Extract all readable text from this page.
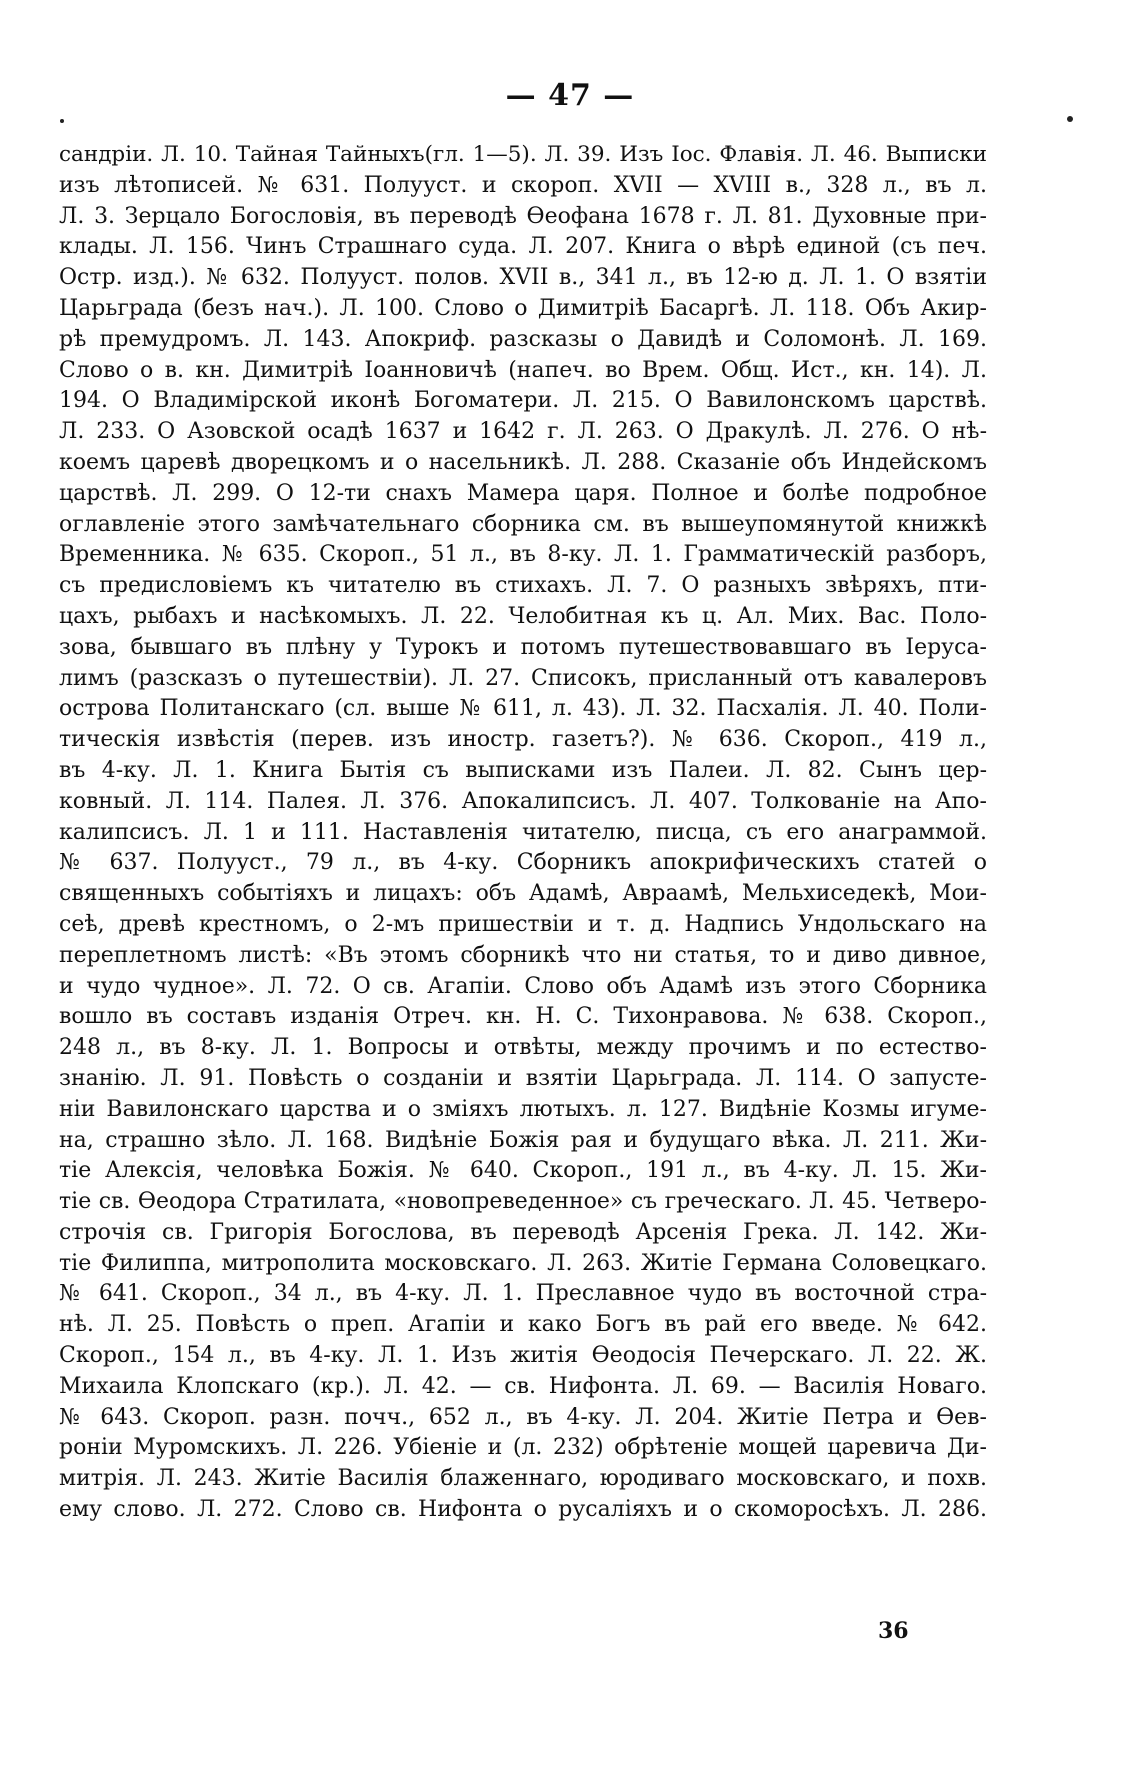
— 47 —
сандріи. Л. 10. Тайная Тайныхъ(гл. 1—5). Л. 39. Изъ Іос. Флавія. Л. 46. Выписки
изъ лѣтописей. № 631. Полууст. и скороп. XVII — XVIII в., 328 л., въ л.
Л. 3. Зерцало Богословія, въ переводѣ Ѳеофана 1678 г. Л. 81. Духовные при-
клады. Л. 156. Чинъ Страшнаго суда. Л. 207. Книга о вѣрѣ единой (съ печ.
Остр. изд.). № 632. Полууст. полов. XVII в., 341 л., въ 12-ю д. Л. 1. О взятіи
Царьграда (безъ нач.). Л. 100. Слово о Димитріѣ Басаргѣ. Л. 118. Объ Акир-
рѣ премудромъ. Л. 143. Апокриф. разсказы о Давидѣ и Соломонѣ. Л. 169.
Слово о в. кн. Димитріѣ Іоанновичѣ (напеч. во Врем. Общ. Ист., кн. 14). Л.
194. О Владимірской иконѣ Богоматери. Л. 215. О Вавилонскомъ царствѣ.
Л. 233. О Азовской осадѣ 1637 и 1642 г. Л. 263. О Дракулѣ. Л. 276. О нѣ-
коемъ царевѣ дворецкомъ и о насельникѣ. Л. 288. Сказаніе объ Индейскомъ
царствѣ. Л. 299. О 12-ти снахъ Мамера царя. Полное и болѣе подробное
оглавленіе этого замѣчательнаго сборника см. въ вышеупомянутой книжкѣ
Временника. № 635. Скороп., 51 л., въ 8-ку. Л. 1. Грамматическій разборъ,
съ предисловіемъ къ читателю въ стихахъ. Л. 7. О разныхъ звѣряхъ, пти-
цахъ, рыбахъ и насѣкомыхъ. Л. 22. Челобитная къ ц. Ал. Мих. Вас. Поло-
зова, бывшаго въ плѣну у Турокъ и потомъ путешествовавшаго въ Іеруса-
лимъ (разсказъ о путешествіи). Л. 27. Списокъ, присланный отъ кавалеровъ
острова Политанскаго (сл. выше № 611, л. 43). Л. 32. Пасхалія. Л. 40. Поли-
тическія извѣстія (перев. изъ иностр. газетъ?). № 636. Скороп., 419 л.,
въ 4-ку. Л. 1. Книга Бытія съ выписками изъ Палеи. Л. 82. Сынъ цер-
ковный. Л. 114. Палея. Л. 376. Апокалипсисъ. Л. 407. Толкованіе на Апо-
калипсисъ. Л. 1 и 111. Наставленія читателю, писца, съ его анаграммой.
№ 637. Полууст., 79 л., въ 4-ку. Сборникъ апокрифическихъ статей о
священныхъ событіяхъ и лицахъ: объ Адамѣ, Авраамѣ, Мельхиседекѣ, Мои-
сеѣ, древѣ крестномъ, о 2-мъ пришествіи и т. д. Надпись Ундольскаго на
переплетномъ листѣ: «Въ этомъ сборникѣ что ни статья, то и диво дивное,
и чудо чудное». Л. 72. О св. Агапіи. Слово объ Адамѣ изъ этого Сборника
вошло въ составъ изданія Отреч. кн. Н. С. Тихонравова. № 638. Скороп.,
248 л., въ 8-ку. Л. 1. Вопросы и отвѣты, между прочимъ и по естество-
знанію. Л. 91. Повѣсть о созданіи и взятіи Царьграда. Л. 114. О запусте-
ніи Вавилонскаго царства и о зміяхъ лютыхъ. л. 127. Видѣніе Козмы игуме-
на, страшно зѣло. Л. 168. Видѣніе Божія рая и будущаго вѣка. Л. 211. Жи-
тіе Алексія, человѣка Божія. № 640. Скороп., 191 л., въ 4-ку. Л. 15. Жи-
тіе св. Ѳеодора Стратилата, «новопреведенное» съ греческаго. Л. 45. Четверо-
строчія св. Григорія Богослова, въ переводѣ Арсенія Грека. Л. 142. Жи-
тіе Филиппа, митрополита московскаго. Л. 263. Житіе Германа Соловецкаго.
№ 641. Скороп., 34 л., въ 4-ку. Л. 1. Преславное чудо въ восточной стра-
нѣ. Л. 25. Повѣсть о преп. Агапіи и како Богъ въ рай его введе. № 642.
Скороп., 154 л., въ 4-ку. Л. 1. Изъ житія Ѳеодосія Печерскаго. Л. 22. Ж.
Михаила Клопскаго (кр.). Л. 42. — св. Нифонта. Л. 69. — Василія Новаго.
№ 643. Скороп. разн. почч., 652 л., въ 4-ку. Л. 204. Житіе Петра и Ѳев-
роніи Муромскихъ. Л. 226. Убіеніе и (л. 232) обрѣтеніе мощей царевича Ди-
митрія. Л. 243. Житіе Василія блаженнаго, юродиваго московскаго, и похв.
ему слово. Л. 272. Слово св. Нифонта о русаліяхъ и о скоморосѣхъ. Л. 286.
36
